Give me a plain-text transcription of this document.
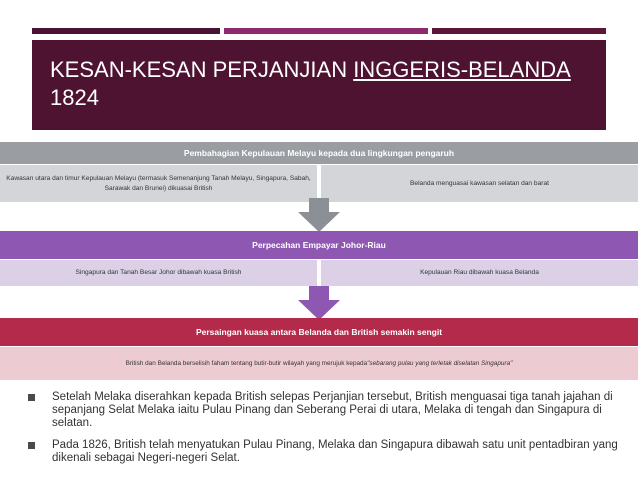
KESAN-KESAN PERJANJIAN INGGERIS-BELANDA
1824
Pembahagian Kepulauan Melayu kepada dua lingkungan pengaruh
Kawasan utara dan timur Kepulauan Melayu (termasuk Semenanjung Tanah Melayu, Singapura, Sabah, Sarawak dan Brunei) dikuasai British
Belanda menguasai kawasan selatan dan barat
Perpecahan Empayar Johor-Riau
Singapura dan Tanah Besar Johor dibawah kuasa British	Kepulauan Riau dibawah kuasa Belanda
Persaingan kuasa antara Belanda dan British semakin sengit
British dan Belanda berselisih faham tentang butir-butir wilayah yang merujuk kepada "sebarang pulau yang terletak diselatan Singapura"
Setelah Melaka diserahkan kepada British selepas Perjanjian tersebut, British menguasai tiga tanah jajahan di sepanjang Selat Melaka iaitu Pulau Pinang dan Seberang Perai di utara, Melaka di tengah dan Singapura di selatan.
Pada 1826, British telah menyatukan Pulau Pinang, Melaka dan Singapura dibawah satu unit pentadbiran yang dikenali sebagai Negeri-negeri Selat.
